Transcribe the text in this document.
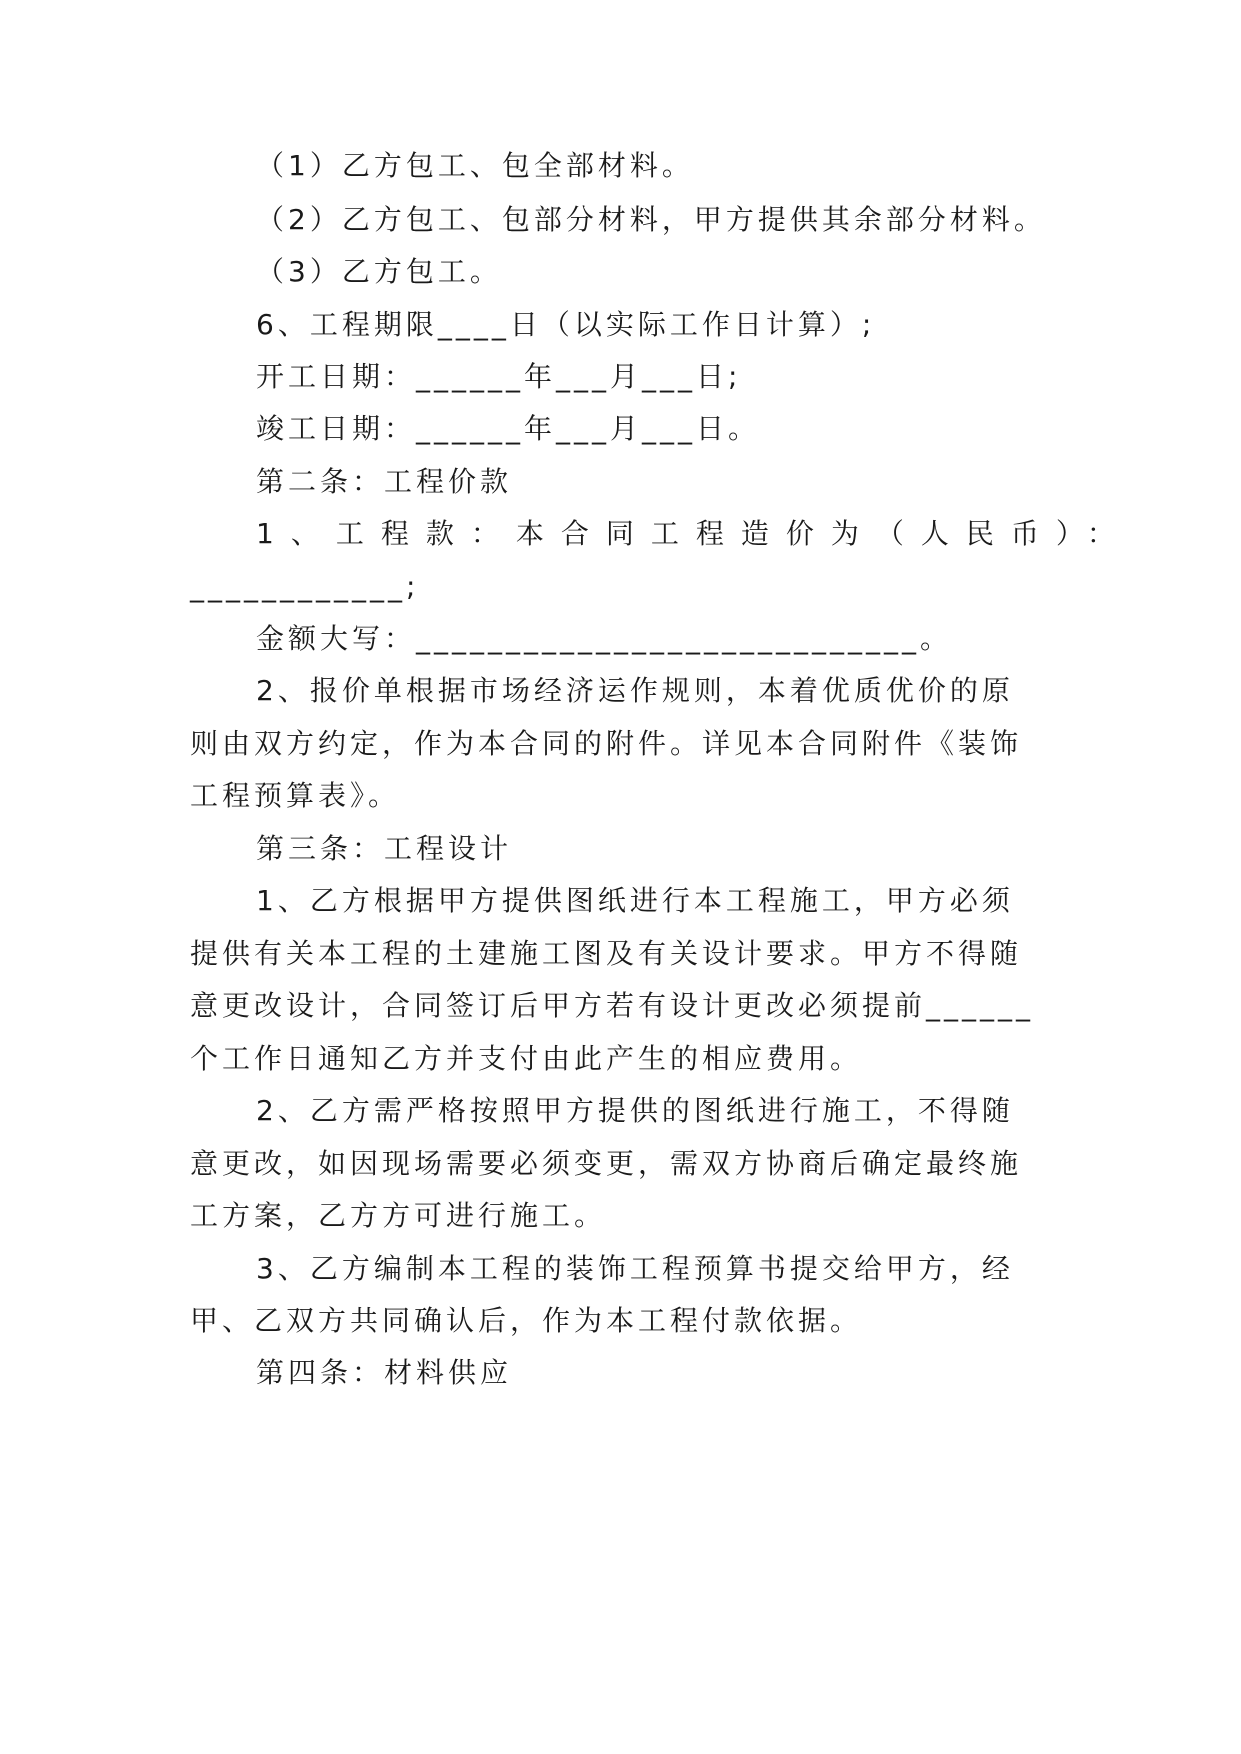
（1）乙方包工、包全部材料。
（2）乙方包工、包部分材料，甲方提供其余部分材料。
（3）乙方包工。
6、工程期限____日（以实际工作日计算）;
开工日期：______年___月___日;
竣工日期：______年___月___日。
第二条：工程价款
1、工程款：本合同工程造价为（人民币）：
____________;
金额大写：____________________________。
2、报价单根据市场经济运作规则，本着优质优价的原
则由双方约定，作为本合同的附件。详见本合同附件《装饰
工程预算表》。
第三条：工程设计
1、乙方根据甲方提供图纸进行本工程施工，甲方必须
提供有关本工程的土建施工图及有关设计要求。甲方不得随
意更改设计，合同签订后甲方若有设计更改必须提前______
个工作日通知乙方并支付由此产生的相应费用。
2、乙方需严格按照甲方提供的图纸进行施工，不得随
意更改，如因现场需要必须变更，需双方协商后确定最终施
工方案，乙方方可进行施工。
3、乙方编制本工程的装饰工程预算书提交给甲方，经
甲、乙双方共同确认后，作为本工程付款依据。
第四条：材料供应
